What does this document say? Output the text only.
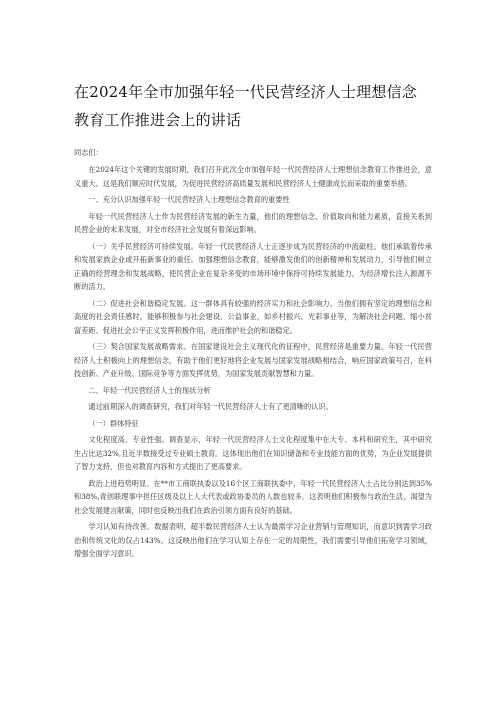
在2024年全市加强年轻一代民营经济人士理想信念
教育工作推进会上的讲话

同志们：

在2024年这个关键的发展时期，我们召开此次全市加强年轻一代民营经济人士理想信念教育工作推进会，意义重大。这是我们顺应时代发展，为促进民营经济高质量发展和民营经济人士健康成长而采取的重要举措。

一、充分认识加强年轻一代民营经济人士理想信念教育的重要性

年轻一代民营经济人士作为民营经济发展的新生力量，他们的理想信念、价值取向和能力素质，直接关系到民营企业的未来发展，对全市经济社会发展有着深远影响。

（一）关乎民营经济可持续发展。年轻一代民营经济人士正逐步成为民营经济的中流砥柱。他们承载着传承和发展家族企业或开拓新事业的重任。加强理想信念教育，能够激发他们的创新精神和发展动力，引导他们树立正确的经营理念和发展战略，使民营企业在复杂多变的市场环境中保持可持续发展能力，为经济增长注入源源不断的活力。

（二）促进社会和谐稳定发展。这一群体具有较强的经济实力和社会影响力。当他们拥有坚定的理想信念和高度的社会责任感时，能够积极参与社会建设、公益事业，如乡村振兴、光彩事业等，为解决社会问题、缩小贫富差距、促进社会公平正义发挥积极作用，进而维护社会的和谐稳定。

（三）契合国家发展战略需求。在国家建设社会主义现代化的征程中，民营经济是重要力量。年轻一代民营经济人士积极向上的理想信念，有助于他们更好地将企业发展与国家发展战略相结合，响应国家政策号召，在科技创新、产业升级、国际竞争等方面发挥优势，为国家发展贡献智慧和力量。

二、年轻一代民营经济人士的现状分析

通过前期深入的调查研究，我们对年轻一代民营经济人士有了更清晰的认识。

（一）群体特征

文化程度高、专业性强。调查显示，年轻一代民营经济人士文化程度集中在大专、本科和研究生，其中研究生占比达32%,且近半数接受过专业硕士教育。这体现出他们在知识储备和专业技能方面的优势，为企业发展提供了智力支持，但也对教育内容和方式提出了更高要求。

政治上进趋势明显。在**市工商联执委以及16个区工商联执委中，年轻一代民营经济人士占比分别达到35%和38%,青创联理事中担任区级及以上人大代表或政协委员的人数也较多。这表明他们积极参与政治生活，渴望为社会发展建言献策，同时也反映出我们在政治引领方面有良好的基础。

学习认知有待改善。数据表明，超半数民营经济人士认为最需学习企业营销与管理知识，而意识到需学习政治和传统文化的仅占143%。这反映出他们在学习认知上存在一定的局限性，我们需要引导他们拓宽学习领域，增强全面学习意识。
